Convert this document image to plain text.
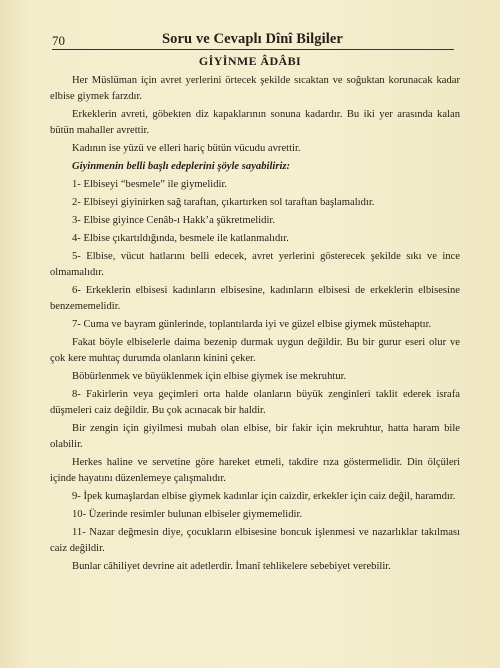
70	Soru ve Cevaplı Dînî Bilgiler
GİYİNME ÂDÂBI

Her Müslüman için avret yerlerini örtecek şekilde sıcaktan ve soğuktan korunacak kadar elbise giymek farzdır.

Erkeklerin avreti, göbekten diz kapaklarının sonuna kadardır. Bu iki yer arasında kalan bütün mahaller avrettir.

Kadının ise yüzü ve elleri hariç bütün vücudu avrettir.

Giyinmenin belli başlı edeplerini şöyle sayabiliriz:

1- Elbiseyi “besmele” ile giymelidir.

2- Elbiseyi giyinirken sağ taraftan, çıkartırken sol taraftan başlamalıdır.

3- Elbise giyince Cenâb-ı Hakk’a şükretmelidir.

4- Elbise çıkartıldığında, besmele ile katlanmalıdır.

5- Elbise, vücut hatlarını belli edecek, avret yerlerini gösterecek şekilde sıkı ve ince olmamalıdır.

6- Erkeklerin elbisesi kadınların elbisesine, kadınların elbisesi de erkeklerin elbisesine benzememelidir.

7- Cuma ve bayram günlerinde, toplantılarda iyi ve güzel elbise giymek müstehaptır.

Fakat böyle elbiselerle daima bezenip durmak uygun değildir. Bu bir gurur eseri olur ve çok kere muhtaç durumda olanların kinini çeker.

Böbürlenmek ve büyüklenmek için elbise giymek ise mekruhtur.

8- Fakirlerin veya geçimleri orta halde olanların büyük zenginleri taklit ederek israfa düşmeleri caiz değildir. Bu çok acınacak bir haldir.

Bir zengin için giyilmesi mubah olan elbise, bir fakir için mekruhtur, hatta haram bile olabilir.

Herkes haline ve servetine göre hareket etmeli, takdire rıza göstermelidir. Din ölçüleri içinde hayatını düzenlemeye çalışmalıdır.

9- İpek kumaşlardan elbise giymek kadınlar için caizdir, erkekler için caiz değil, haramdır.

10- Üzerinde resimler bulunan elbiseler giymemelidir.

11- Nazar değmesin diye, çocukların elbisesine boncuk işlenmesi ve nazarlıklar takılması caiz değildir.

Bunlar câhiliyet devrine ait adetlerdir. İmanî tehlikelere sebebiyet verebilir.
